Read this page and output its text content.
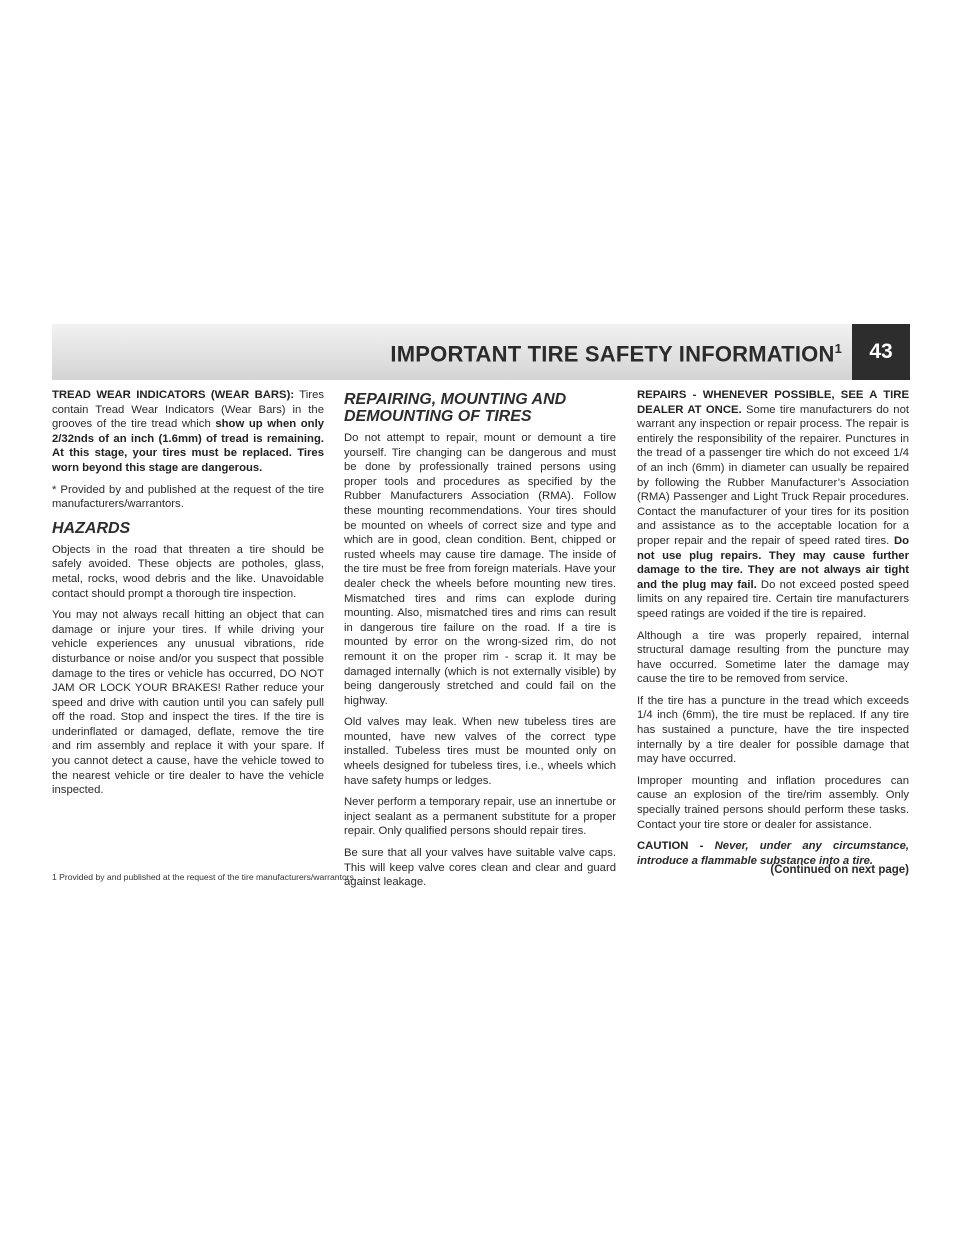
IMPORTANT TIRE SAFETY INFORMATION$^1$	43

TREAD WEAR INDICATORS (WEAR BARS): Tires contain Tread Wear Indicators (Wear Bars) in the grooves of the tire tread which show up when only 2/32nds of an inch (1.6mm) of tread is remaining. At this stage, your tires must be replaced. Tires worn beyond this stage are dangerous.

* Provided by and published at the request of the tire manufacturers/warrantors.

HAZARDS

Objects in the road that threaten a tire should be safely avoided. These objects are potholes, glass, metal, rocks, wood debris and the like. Unavoidable contact should prompt a thorough tire inspection.

You may not always recall hitting an object that can damage or injure your tires. If while driving your vehicle experiences any unusual vibrations, ride disturbance or noise and/or you suspect that possible damage to the tires or vehicle has occurred, DO NOT JAM OR LOCK YOUR BRAKES! Rather reduce your speed and drive with caution until you can safely pull off the road. Stop and inspect the tires. If the tire is underinflated or damaged, deflate, remove the tire and rim assembly and replace it with your spare. If you cannot detect a cause, have the vehicle towed to the nearest vehicle or tire dealer to have the vehicle inspected.

REPAIRING, MOUNTING AND DEMOUNTING OF TIRES

Do not attempt to repair, mount or demount a tire yourself. Tire changing can be dangerous and must be done by professionally trained persons using proper tools and procedures as specified by the Rubber Manufacturers Association (RMA). Follow these mounting recommendations. Your tires should be mounted on wheels of correct size and type and which are in good, clean condition. Bent, chipped or rusted wheels may cause tire damage. The inside of the tire must be free from foreign materials. Have your dealer check the wheels before mounting new tires. Mismatched tires and rims can explode during mounting. Also, mismatched tires and rims can result in dangerous tire failure on the road. If a tire is mounted by error on the wrong-sized rim, do not remount it on the proper rim - scrap it. It may be damaged internally (which is not externally visible) by being dangerously stretched and could fail on the highway.

Old valves may leak. When new tubeless tires are mounted, have new valves of the correct type installed. Tubeless tires must be mounted only on wheels designed for tubeless tires, i.e., wheels which have safety humps or ledges.

Never perform a temporary repair, use an innertube or inject sealant as a permanent substitute for a proper repair. Only qualified persons should repair tires.

Be sure that all your valves have suitable valve caps. This will keep valve cores clean and clear and guard against leakage.

REPAIRS - WHENEVER POSSIBLE, SEE A TIRE DEALER AT ONCE. Some tire manufacturers do not warrant any inspection or repair process. The repair is entirely the responsibility of the repairer. Punctures in the tread of a passenger tire which do not exceed 1/4 of an inch (6mm) in diameter can usually be repaired by following the Rubber Manufacturer’s Association (RMA) Passenger and Light Truck Repair procedures. Contact the manufacturer of your tires for its position and assistance as to the acceptable location for a proper repair and the repair of speed rated tires. Do not use plug repairs. They may cause further damage to the tire. They are not always air tight and the plug may fail. Do not exceed posted speed limits on any repaired tire. Certain tire manufacturers speed ratings are voided if the tire is repaired.

Although a tire was properly repaired, internal structural damage resulting from the puncture may have occurred. Sometime later the damage may cause the tire to be removed from service.

If the tire has a puncture in the tread which exceeds 1/4 inch (6mm), the tire must be replaced. If any tire has sustained a puncture, have the tire inspected internally by a tire dealer for possible damage that may have occurred.

Improper mounting and inflation procedures can cause an explosion of the tire/rim assembly. Only specially trained persons should perform these tasks. Contact your tire store or dealer for assistance.

CAUTION - Never, under any circumstance, introduce a flammable substance into a tire.

(Continued on next page)
1 Provided by and published at the request of the tire manufacturers/warrantors.
